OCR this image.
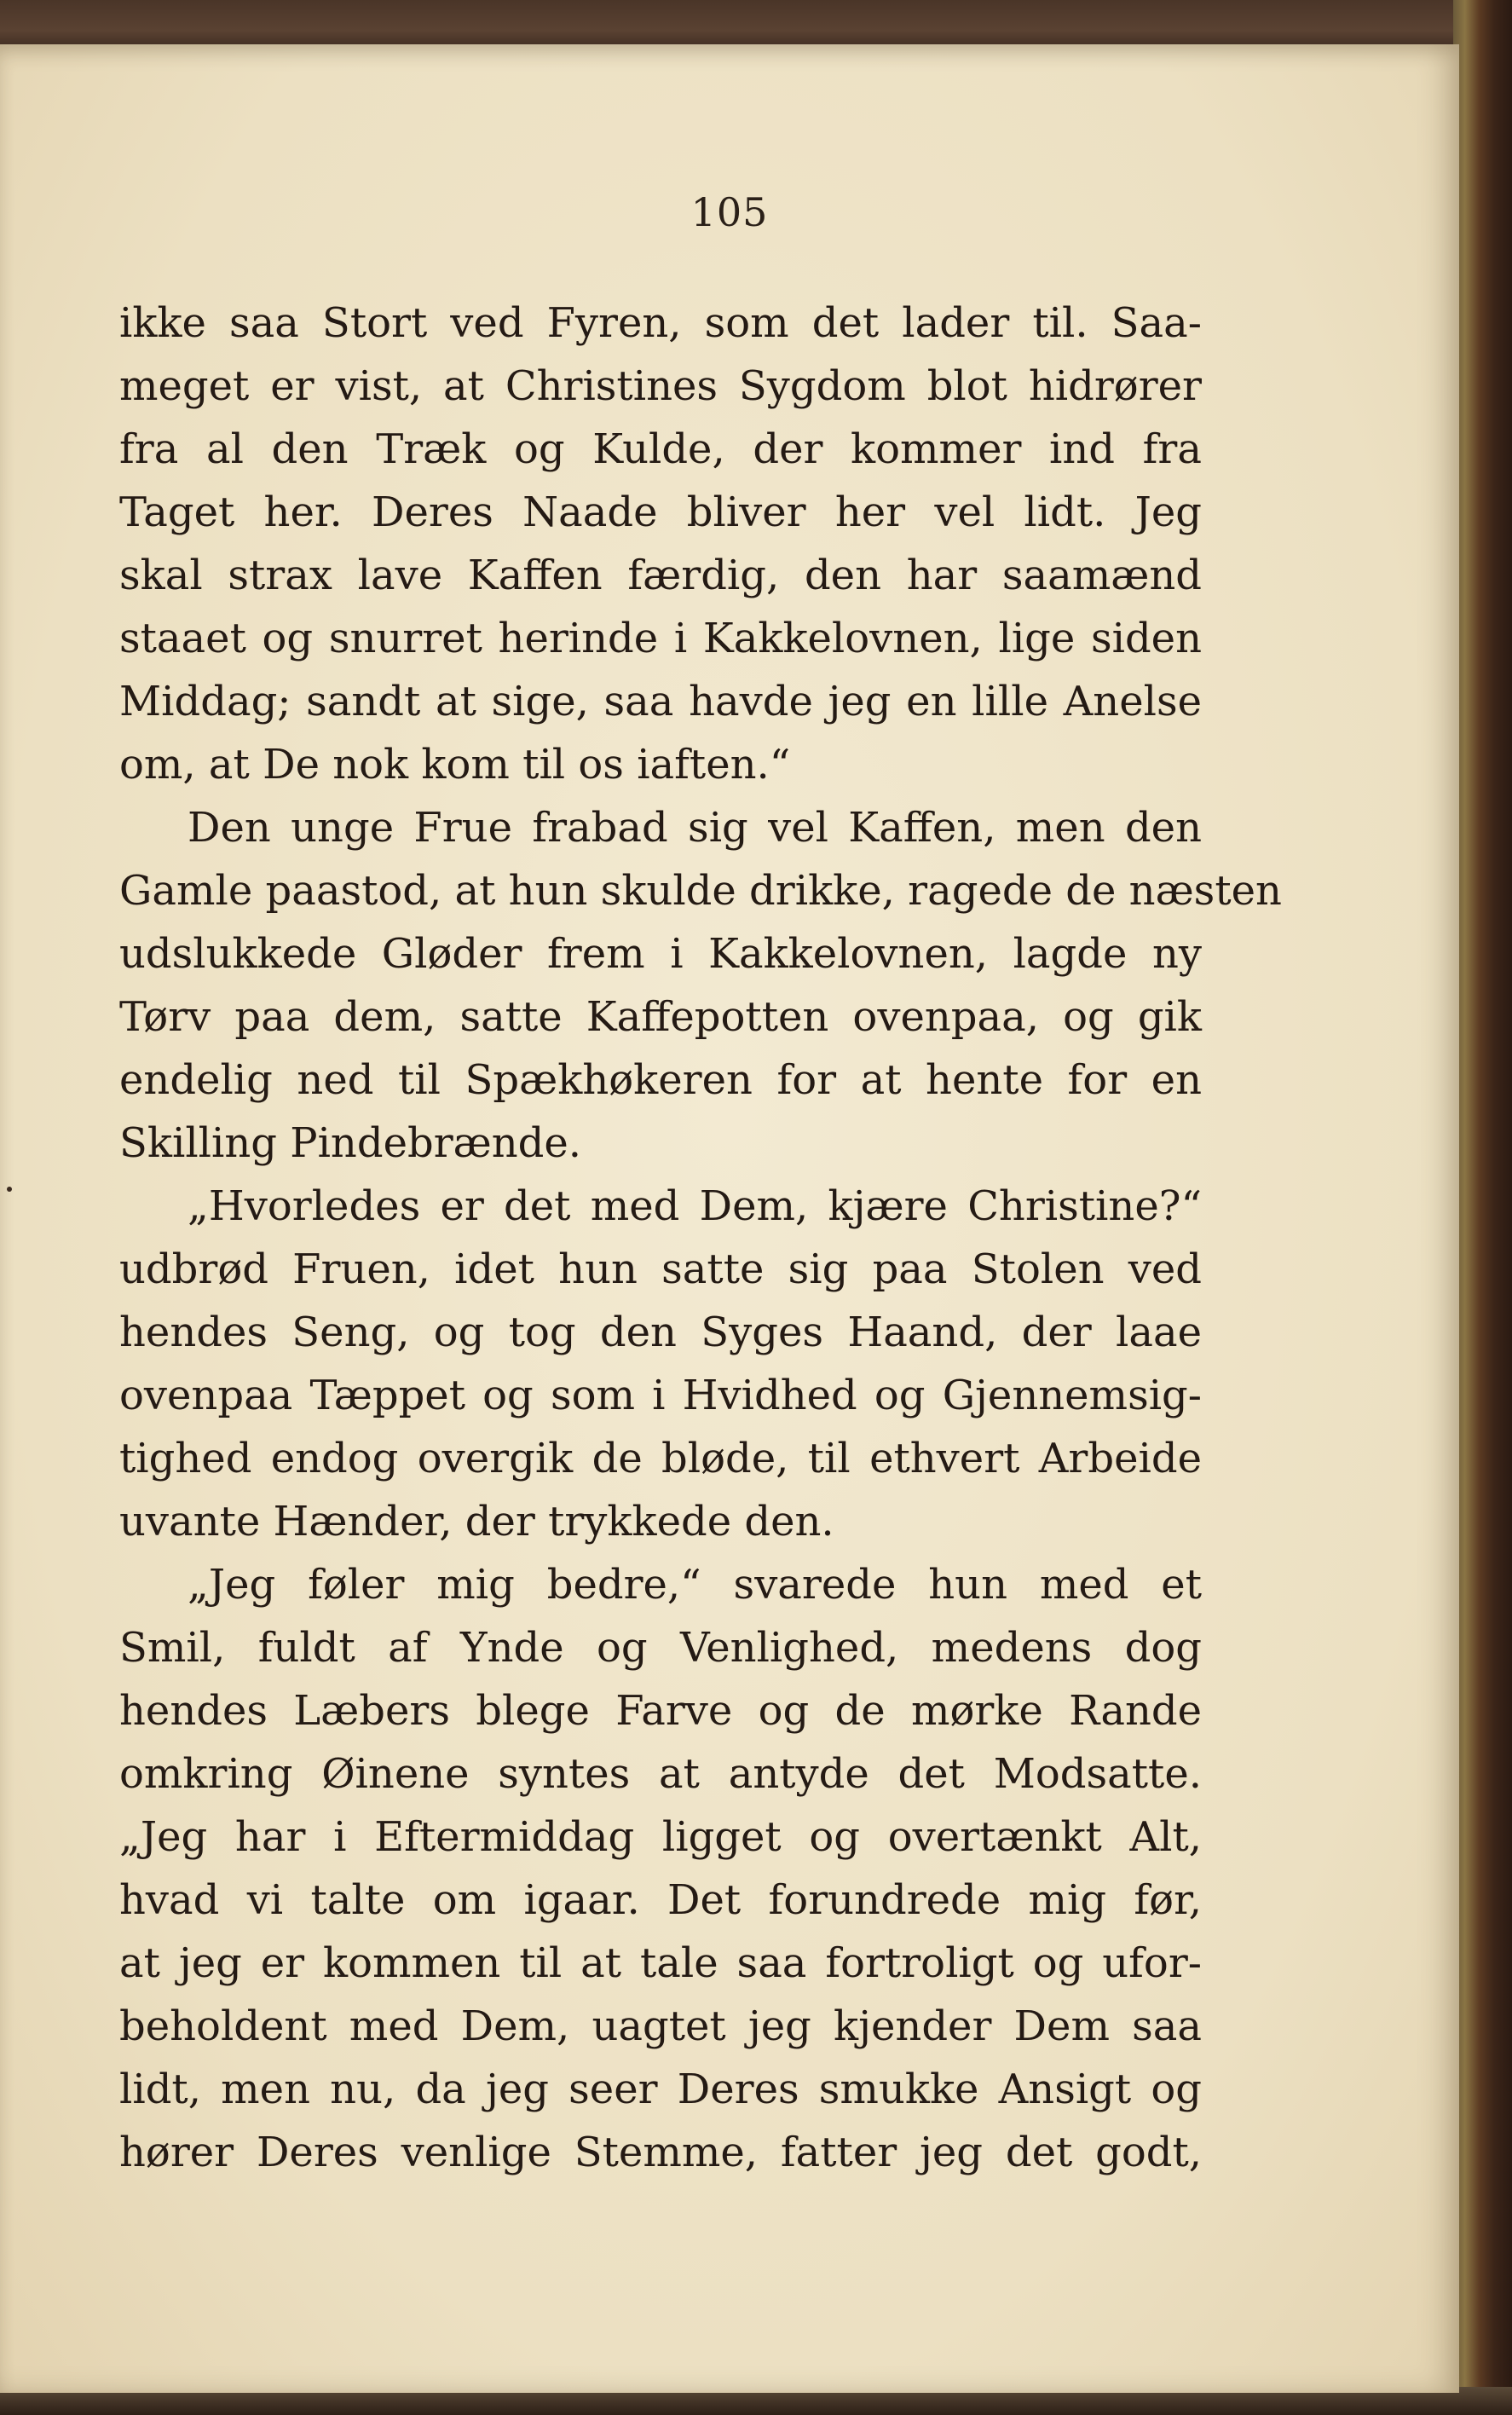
105
ikke saa Stort ved Fyren, som det lader til. Saa-
meget er vist, at Christines Sygdom blot hidrører
fra al den Træk og Kulde, der kommer ind fra
Taget her. Deres Naade bliver her vel lidt. Jeg
skal strax lave Kaffen færdig, den har saamænd
staaet og snurret herinde i Kakkelovnen, lige siden
Middag; sandt at sige, saa havde jeg en lille Anelse
om, at De nok kom til os iaften.“
Den unge Frue frabad sig vel Kaffen, men den
Gamle paastod, at hun skulde drikke, ragede de næsten
udslukkede Gløder frem i Kakkelovnen, lagde ny
Tørv paa dem, satte Kaffepotten ovenpaa, og gik
endelig ned til Spækhøkeren for at hente for en
Skilling Pindebrænde.
„Hvorledes er det med Dem, kjære Christine?“
udbrød Fruen, idet hun satte sig paa Stolen ved
hendes Seng, og tog den Syges Haand, der laae
ovenpaa Tæppet og som i Hvidhed og Gjennemsig-
tighed endog overgik de bløde, til ethvert Arbeide
uvante Hænder, der trykkede den.
„Jeg føler mig bedre,“ svarede hun med et
Smil, fuldt af Ynde og Venlighed, medens dog
hendes Læbers blege Farve og de mørke Rande
omkring Øinene syntes at antyde det Modsatte.
„Jeg har i Eftermiddag ligget og overtænkt Alt,
hvad vi talte om igaar. Det forundrede mig før,
at jeg er kommen til at tale saa fortroligt og ufor-
beholdent med Dem, uagtet jeg kjender Dem saa
lidt, men nu, da jeg seer Deres smukke Ansigt og
hører Deres venlige Stemme, fatter jeg det godt,
